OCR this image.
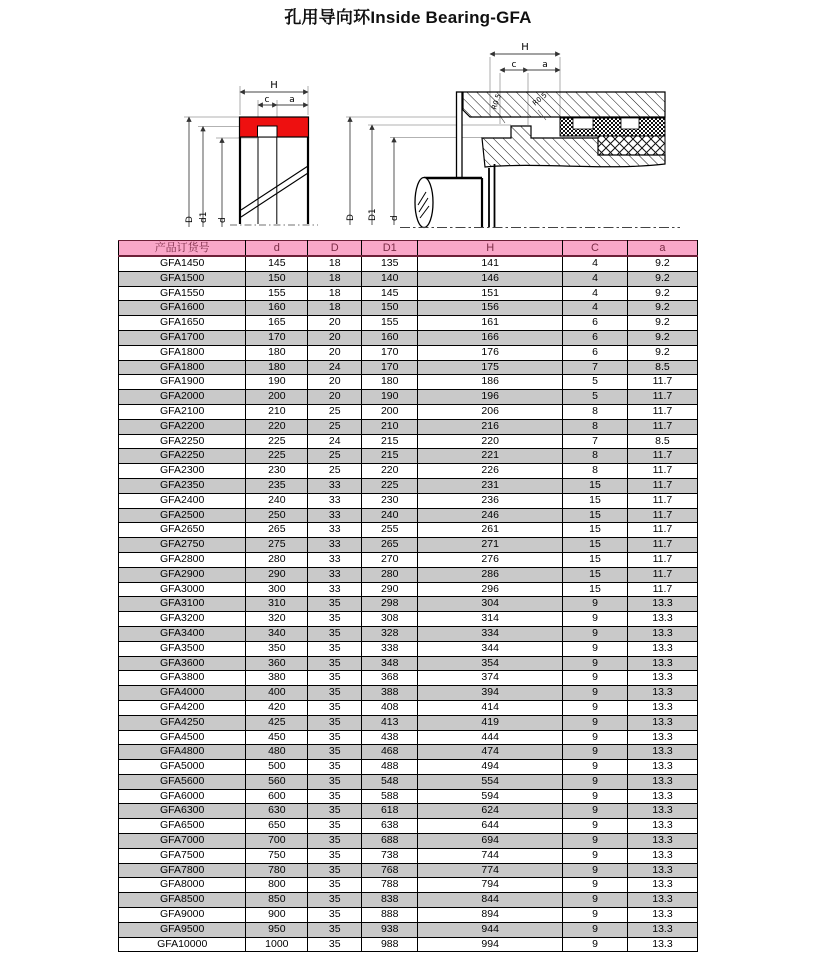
孔用导向环Inside Bearing-GFA
H
c a
D d1 d
H
c	a
D D1 d
R0.5	R0.5
产品订货号	d	D	D1	H	C	a
GFA1450	145	18	135	141	4	9.2
GFA1500	150	18	140	146	4	9.2
GFA1550	155	18	145	151	4	9.2
GFA1600	160	18	150	156	4	9.2
GFA1650	165	20	155	161	6	9.2
GFA1700	170	20	160	166	6	9.2
GFA1800	180	20	170	176	6	9.2
GFA1800	180	24	170	175	7	8.5
GFA1900	190	20	180	186	5	11.7
GFA2000	200	20	190	196	5	11.7
GFA2100	210	25	200	206	8	11.7
GFA2200	220	25	210	216	8	11.7
GFA2250	225	24	215	220	7	8.5
GFA2250	225	25	215	221	8	11.7
GFA2300	230	25	220	226	8	11.7
GFA2350	235	33	225	231	15	11.7
GFA2400	240	33	230	236	15	11.7
GFA2500	250	33	240	246	15	11.7
GFA2650	265	33	255	261	15	11.7
GFA2750	275	33	265	271	15	11.7
GFA2800	280	33	270	276	15	11.7
GFA2900	290	33	280	286	15	11.7
GFA3000	300	33	290	296	15	11.7
GFA3100	310	35	298	304	9	13.3
GFA3200	320	35	308	314	9	13.3
GFA3400	340	35	328	334	9	13.3
GFA3500	350	35	338	344	9	13.3
GFA3600	360	35	348	354	9	13.3
GFA3800	380	35	368	374	9	13.3
GFA4000	400	35	388	394	9	13.3
GFA4200	420	35	408	414	9	13.3
GFA4250	425	35	413	419	9	13.3
GFA4500	450	35	438	444	9	13.3
GFA4800	480	35	468	474	9	13.3
GFA5000	500	35	488	494	9	13.3
GFA5600	560	35	548	554	9	13.3
GFA6000	600	35	588	594	9	13.3
GFA6300	630	35	618	624	9	13.3
GFA6500	650	35	638	644	9	13.3
GFA7000	700	35	688	694	9	13.3
GFA7500	750	35	738	744	9	13.3
GFA7800	780	35	768	774	9	13.3
GFA8000	800	35	788	794	9	13.3
GFA8500	850	35	838	844	9	13.3
GFA9000	900	35	888	894	9	13.3
GFA9500	950	35	938	944	9	13.3
GFA10000	1000	35	988	994	9	13.3
